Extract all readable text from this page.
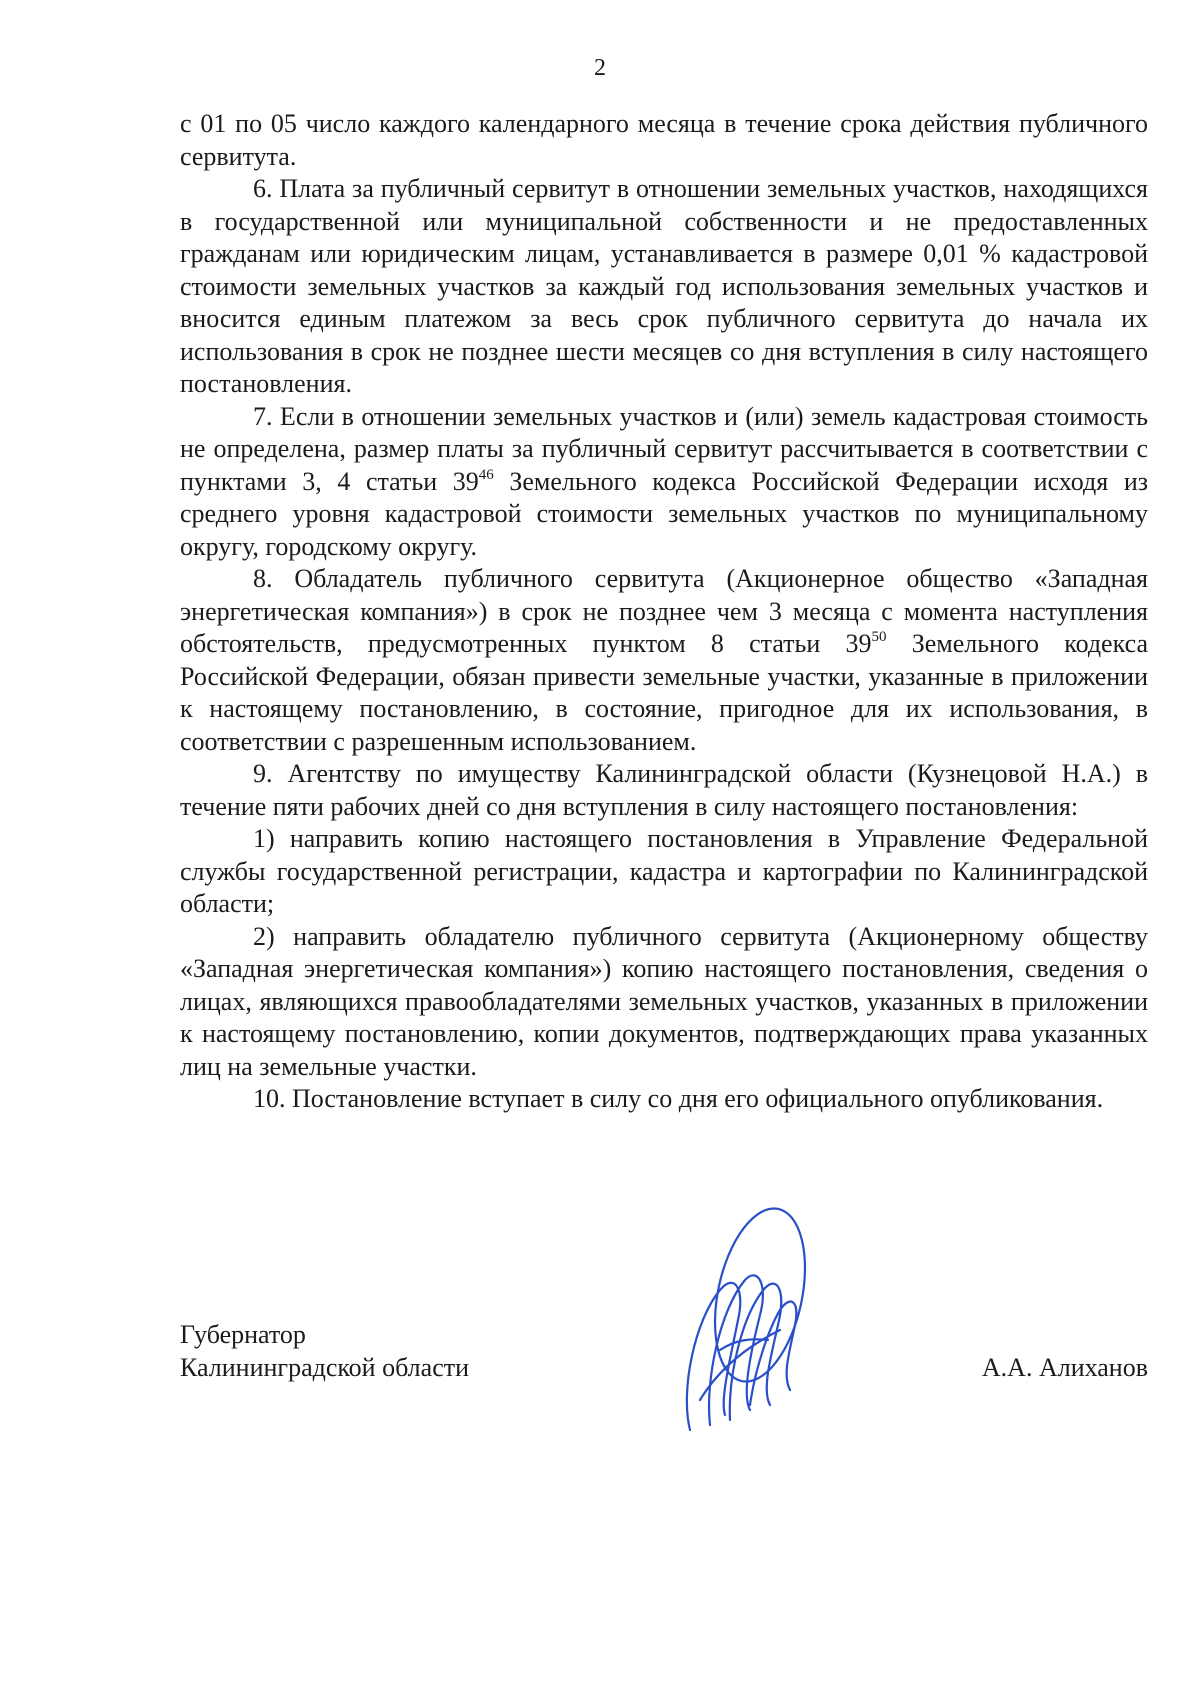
2

с 01 по 05 число каждого календарного месяца в течение срока действия публичного сервитута.

6. Плата за публичный сервитут в отношении земельных участков, находящихся в государственной или муниципальной собственности и не предоставленных гражданам или юридическим лицам, устанавливается в размере 0,01 % кадастровой стоимости земельных участков за каждый год использования земельных участков и вносится единым платежом за весь срок публичного сервитута до начала их использования в срок не позднее шести месяцев со дня вступления в силу настоящего постановления.

7. Если в отношении земельных участков и (или) земель кадастровая стоимость не определена, размер платы за публичный сервитут рассчитывается в соответствии с пунктами 3, 4 статьи $39^{46}$ Земельного кодекса Российской Федерации исходя из среднего уровня кадастровой стоимости земельных участков по муниципальному округу, городскому округу.

8. Обладатель публичного сервитута (Акционерное общество «Западная энергетическая компания») в срок не позднее чем 3 месяца с момента наступления обстоятельств, предусмотренных пунктом 8 статьи $39^{50}$ Земельного кодекса Российской Федерации, обязан привести земельные участки, указанные в приложении к настоящему постановлению, в состояние, пригодное для их использования, в соответствии с разрешенным использованием.

9. Агентству по имуществу Калининградской области (Кузнецовой Н.А.) в течение пяти рабочих дней со дня вступления в силу настоящего постановления:

1) направить копию настоящего постановления в Управление Федеральной службы государственной регистрации, кадастра и картографии по Калининградской области;

2) направить обладателю публичного сервитута (Акционерному обществу «Западная энергетическая компания») копию настоящего постановления, сведения о лицах, являющихся правообладателями земельных участков, указанных в приложении к настоящему постановлению, копии документов, подтверждающих права указанных лиц на земельные участки.

10. Постановление вступает в силу со дня его официального опубликования.

Губернатор
Калининградской области	А.А. Алиханов
